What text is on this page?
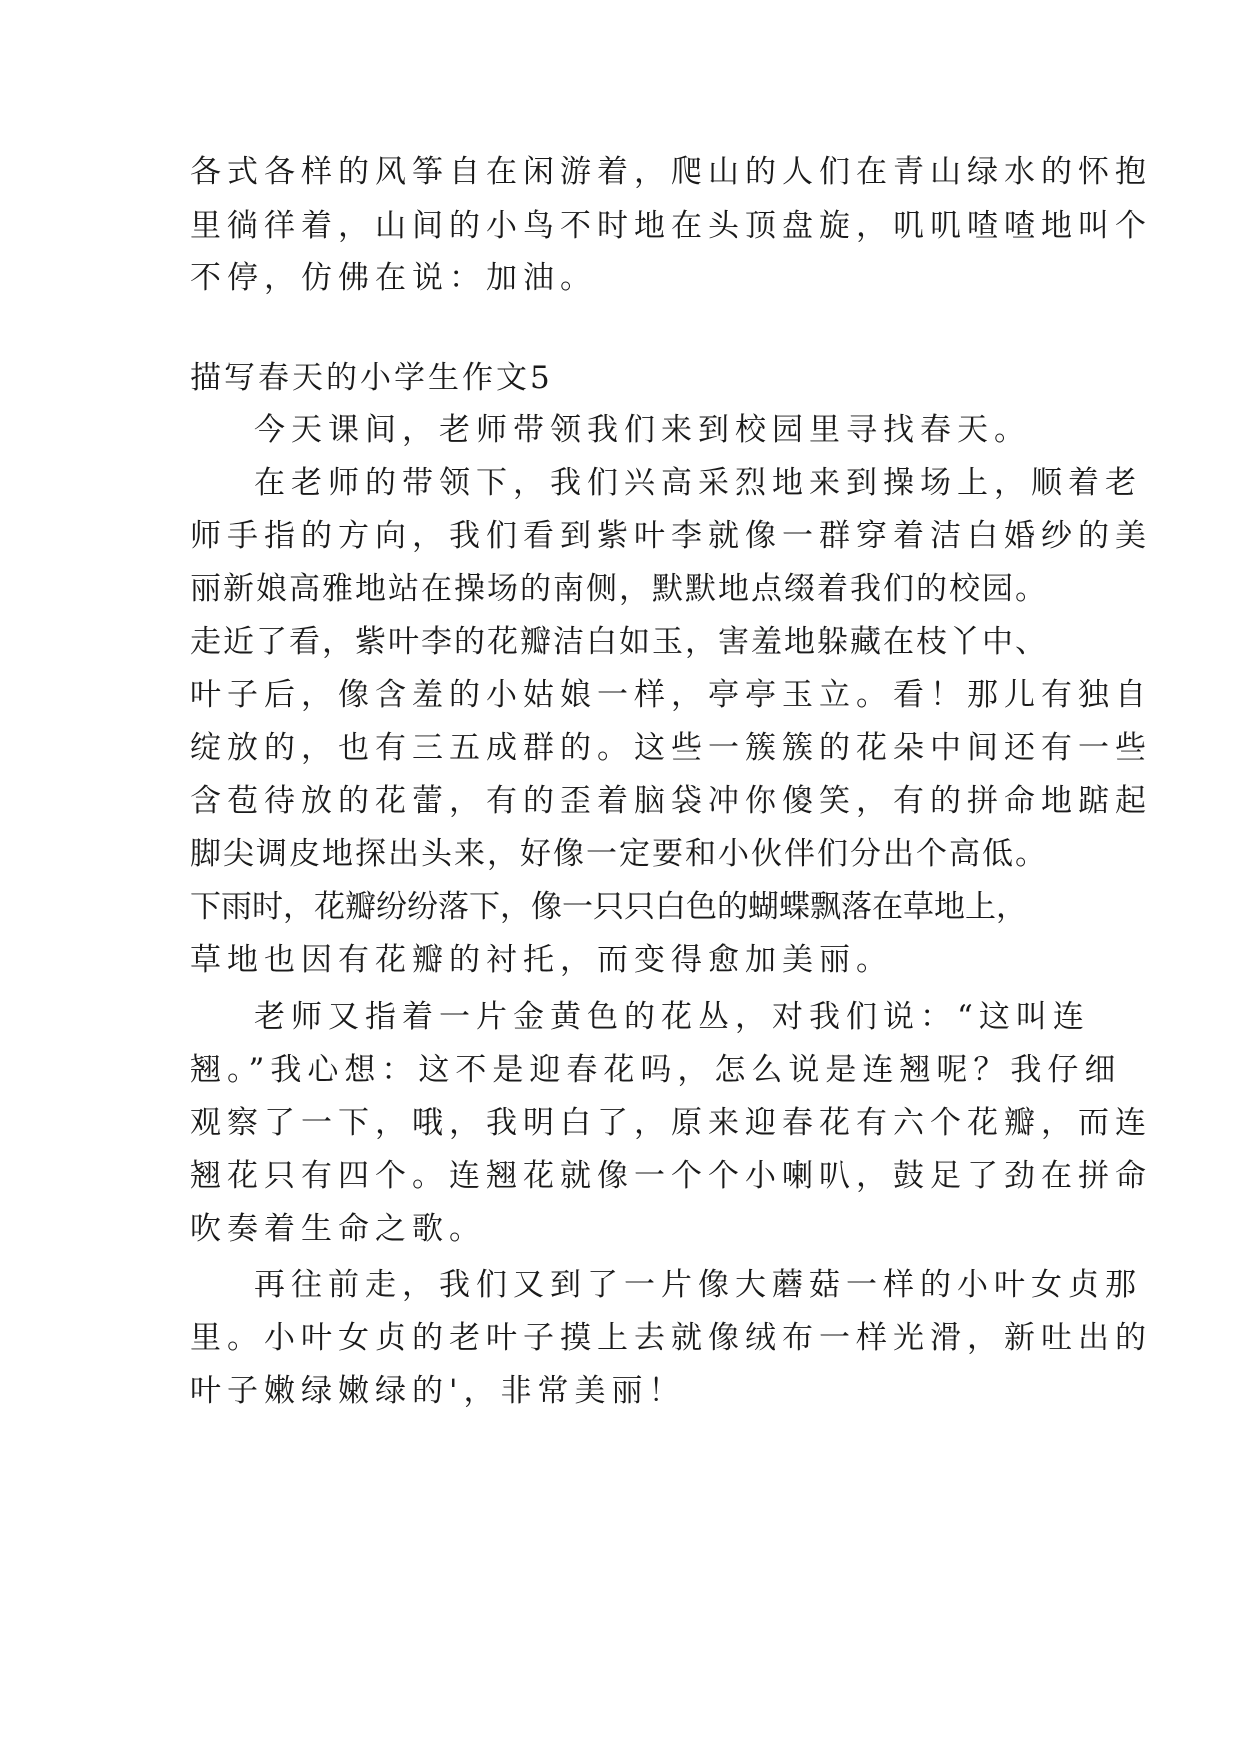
各式各样的风筝自在闲游着，爬山的人们在青山绿水的怀抱
里徜徉着，山间的小鸟不时地在头顶盘旋，叽叽喳喳地叫个
不停，仿佛在说：加油。
描写春天的小学生作文5
今天课间，老师带领我们来到校园里寻找春天。
在老师的带领下，我们兴高采烈地来到操场上，顺着老
师手指的方向，我们看到紫叶李就像一群穿着洁白婚纱的美
丽新娘高雅地站在操场的南侧，默默地点缀着我们的校园。
走近了看，紫叶李的花瓣洁白如玉，害羞地躲藏在枝丫中、
叶子后，像含羞的小姑娘一样，亭亭玉立。看！那儿有独自
绽放的，也有三五成群的。这些一簇簇的花朵中间还有一些
含苞待放的花蕾，有的歪着脑袋冲你傻笑，有的拼命地踮起
脚尖调皮地探出头来，好像一定要和小伙伴们分出个高低。
下雨时，花瓣纷纷落下，像一只只白色的蝴蝶飘落在草地上，
草地也因有花瓣的衬托，而变得愈加美丽。
老师又指着一片金黄色的花丛，对我们说：“这叫连
翘。”我心想：这不是迎春花吗，怎么说是连翘呢？我仔细
观察了一下，哦，我明白了，原来迎春花有六个花瓣，而连
翘花只有四个。连翘花就像一个个小喇叭，鼓足了劲在拼命
吹奏着生命之歌。
再往前走，我们又到了一片像大蘑菇一样的小叶女贞那
里。小叶女贞的老叶子摸上去就像绒布一样光滑，新吐出的
叶子嫩绿嫩绿的'，非常美丽！
